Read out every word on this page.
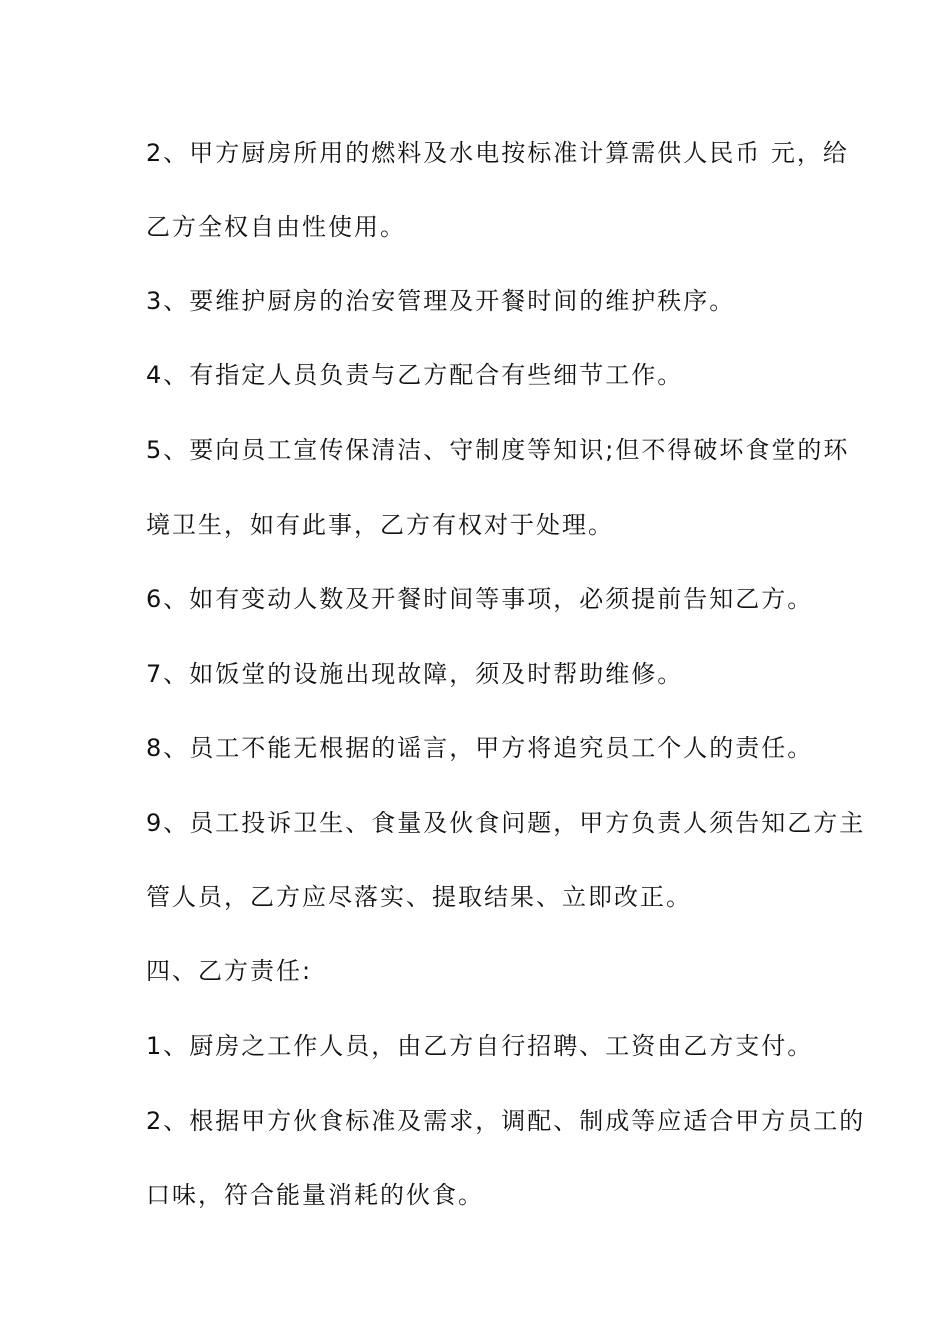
2、甲方厨房所用的燃料及水电按标准计算需供人民币 元，给
乙方全权自由性使用。
3、要维护厨房的治安管理及开餐时间的维护秩序。
4、有指定人员负责与乙方配合有些细节工作。
5、要向员工宣传保清洁、守制度等知识;但不得破坏食堂的环
境卫生，如有此事，乙方有权对于处理。
6、如有变动人数及开餐时间等事项，必须提前告知乙方。
7、如饭堂的设施出现故障，须及时帮助维修。
8、员工不能无根据的谣言，甲方将追究员工个人的责任。
9、员工投诉卫生、食量及伙食问题，甲方负责人须告知乙方主
管人员，乙方应尽落实、提取结果、立即改正。
四、乙方责任:
1、厨房之工作人员，由乙方自行招聘、工资由乙方支付。
2、根据甲方伙食标准及需求，调配、制成等应适合甲方员工的
口味，符合能量消耗的伙食。
